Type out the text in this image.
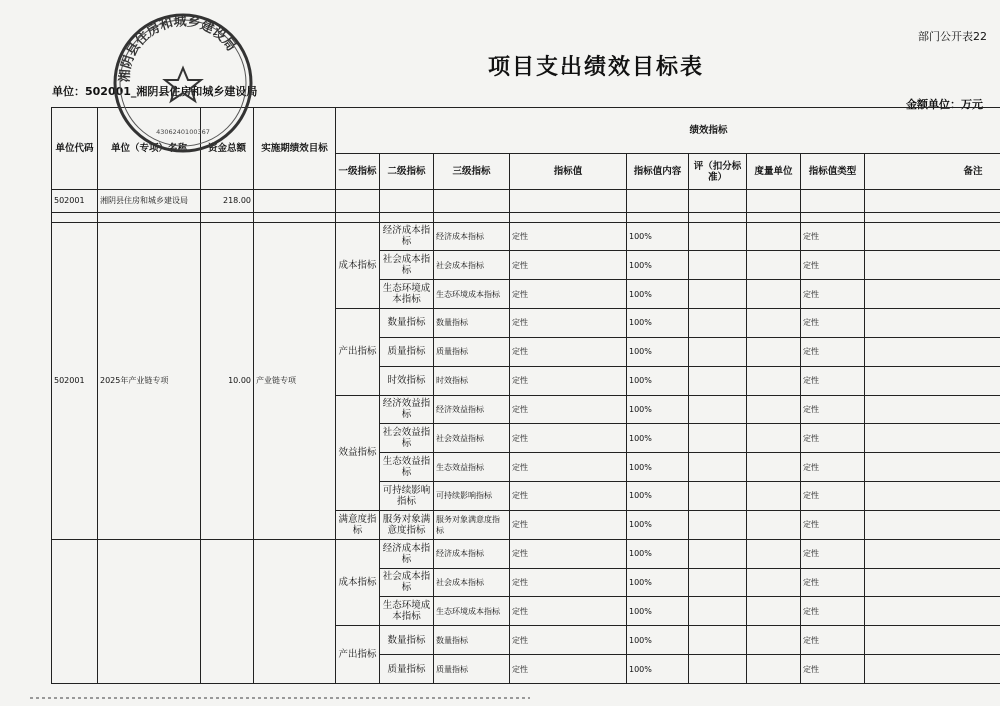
部门公开表22
项目支出绩效目标表
单位：502001_湘阴县住房和城乡建设局
金额单位：万元
单位代码	单位（专项）名称	资金总额	实施期绩效目标	绩效指标								
				一级指标	二级指标	三级指标	指标值	指标值内容	评（扣分标准）	度量单位	指标值类型	备注
502001	湘阴县住房和城乡建设局	218.00										

502001	2025年产业链专项	10.00	产业链专项	成本指标	经济成本指标	经济成本指标	定性	100%			定性	
					社会成本指标	社会成本指标	定性	100%			定性	
					生态环境成本指标	生态环境成本指标	定性	100%			定性	
				产出指标	数量指标	数量指标	定性	100%			定性	
					质量指标	质量指标	定性	100%			定性	
					时效指标	时效指标	定性	100%			定性	
				效益指标	经济效益指标	经济效益指标	定性	100%			定性	
					社会效益指标	社会效益指标	定性	100%			定性	
					生态效益指标	生态效益指标	定性	100%			定性	
					可持续影响指标	可持续影响指标	定性	100%			定性	
				满意度指标	服务对象满意度指标	服务对象满意度指标	定性	100%			定性	
				成本指标	经济成本指标	经济成本指标	定性	100%			定性	
					社会成本指标	社会成本指标	定性	100%			定性	
					生态环境成本指标	生态环境成本指标	定性	100%			定性	
				产出指标	数量指标	数量指标	定性	100%			定性	
					质量指标	质量指标	定性	100%			定性	
湘阴县住房和城乡建设局
4306240100367
